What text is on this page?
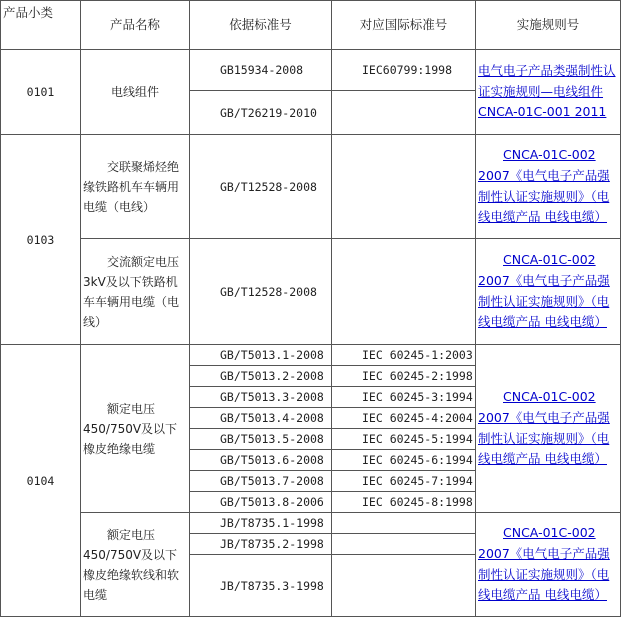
产品小类	产品名称	依据标准号	对应国际标准号	实施规则号
0101	电线组件	GB15934-2008	IEC60799:1998	电气电子产品类强制性认证实施规则—电线组件 CNCA-01C-001 2011

		GB/T26219-2010		
0103	交联聚烯烃绝缘铁路机车车辆用电缆（电线）	GB/T12528-2008		CNCA-01C-002 2007《电气电子产品强制性认证实施规则》（电线电缆产品 电线电缆）

	交流额定电压3kV及以下铁路机车车辆用电缆（电线）	GB/T12528-2008		CNCA-01C-002 2007《电气电子产品强制性认证实施规则》（电线电缆产品 电线电缆）

0104	额定电压450/750V及以下橡皮绝缘电缆	GB/T5013.1-2008	IEC 60245-1:2003	CNCA-01C-002 2007《电气电子产品强制性认证实施规则》（电线电缆产品 电线电缆）

		GB/T5013.2-2008	IEC 60245-2:1998	
		GB/T5013.3-2008	IEC 60245-3:1994	
		GB/T5013.4-2008	IEC 60245-4:2004	
		GB/T5013.5-2008	IEC 60245-5:1994	
		GB/T5013.6-2008	IEC 60245-6:1994	
		GB/T5013.7-2008	IEC 60245-7:1994	
		GB/T5013.8-2006	IEC 60245-8:1998	

	额定电压450/750V及以下橡皮绝缘软线和软电缆	JB/T8735.1-1998		CNCA-01C-002 2007《电气电子产品强制性认证实施规则》（电线电缆产品 电线电缆）

		JB/T8735.2-1998		
		JB/T8735.3-1998		
